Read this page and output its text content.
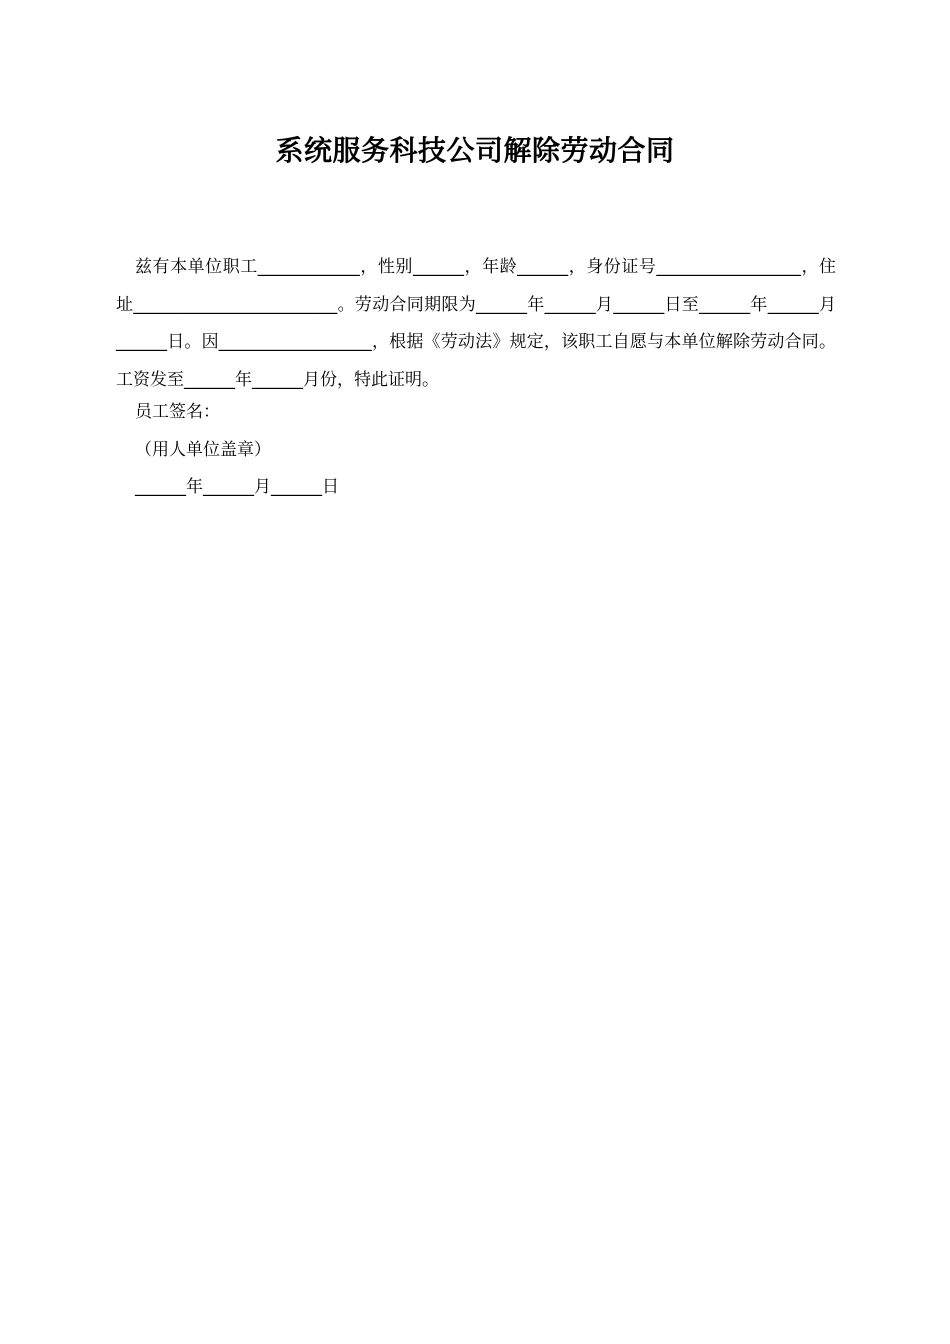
系统服务科技公司解除劳动合同
兹有本单位职工____________，性别______，年龄______，身份证号_________________，住址________________________。劳动合同期限为______年______月______日至______年______月______日。因__________________，根据《劳动法》规定，该职工自愿与本单位解除劳动合同。工资发至______年______月份，特此证明。
员工签名：
（用人单位盖章）
______年______月______日
